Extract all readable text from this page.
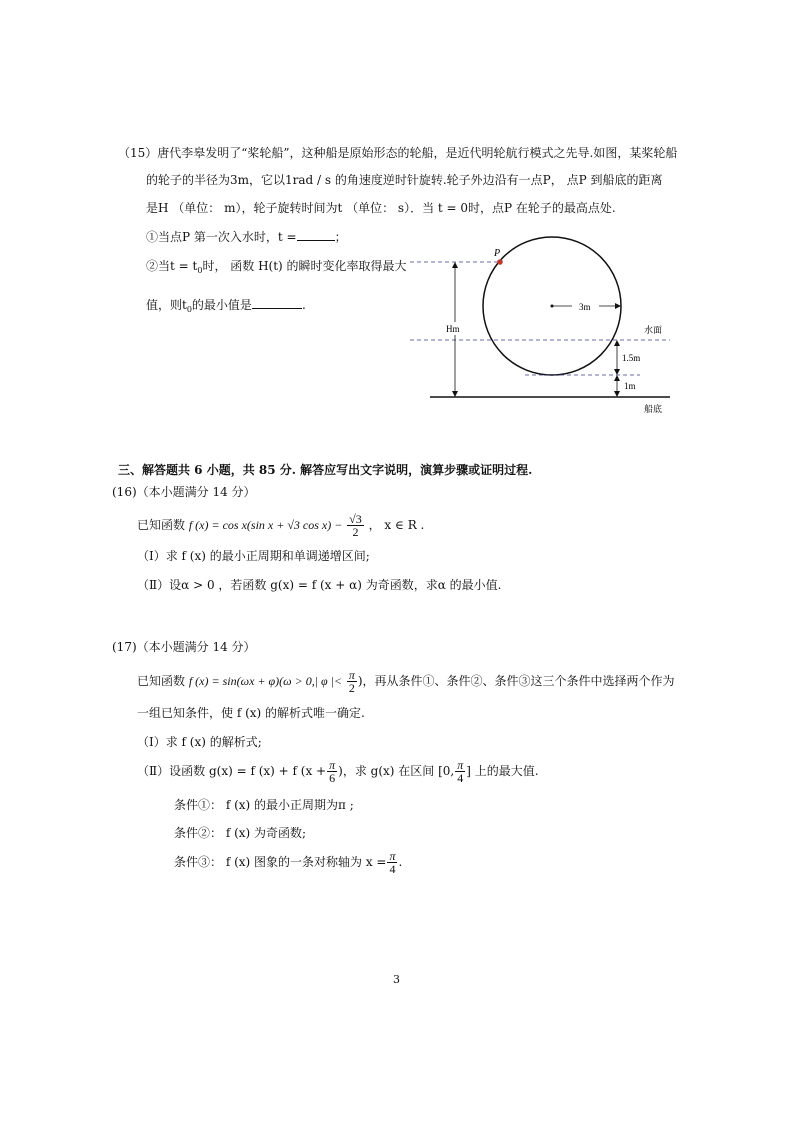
（15）唐代李皋发明了“桨轮船”，这种船是原始形态的轮船，是近代明轮航行模式之先导.如图，某桨轮船
的轮子的半径为3m，它以1rad / s 的角速度逆时针旋转.轮子外边沿有一点P， 点P 到船底的距离
是H （单位： m），轮子旋转时间为t （单位： s）．当 t = 0时，点P 在轮子的最高点处.
①当点P 第一次入水时，t =	；
②当$t = t_0$时， 函数 H(t) 的瞬时变化率取得最大
值，则$t_0$的最小值是	.
P
3m
水面
船底
Hm
1.5m
1m
三、解答题共 6 小题，共 85 分. 解答应写出文字说明，演算步骤或证明过程.
(16)（本小题满分 14 分）
已知函数 f (x) = cos x(sin x + √3 $\cos x) - \frac{√3}{2}$ ， x ∈ R .
（Ⅰ）求 f (x) 的最小正周期和单调递增区间;
（Ⅱ）设α > 0 ，若函数 g(x) = f (x + α) 为奇函数，求α 的最小值.
(17)（本小题满分 14 分）
已知函数 f (x) = sin(ωx + φ)(ω > 0,| φ |< $\frac{\pi}{2}$ )，再从条件①、条件②、条件③这三个条件中选择两个作为
一组已知条件，使 f (x) 的解析式唯一确定.
（Ⅰ）求 f (x) 的解析式;
（Ⅱ）设函数 g(x) = f (x) + f ($x + \frac{\pi}{6}$ )，求 g(x) 在区间 [0, $\frac{\pi}{4}$ ] 上的最大值.
条件①： f (x) 的最小正周期为π ;
条件②： f (x) 为奇函数;
条件③： f (x) 图象的一条对称轴为 $x = \frac{\pi}{4}$ .
3
